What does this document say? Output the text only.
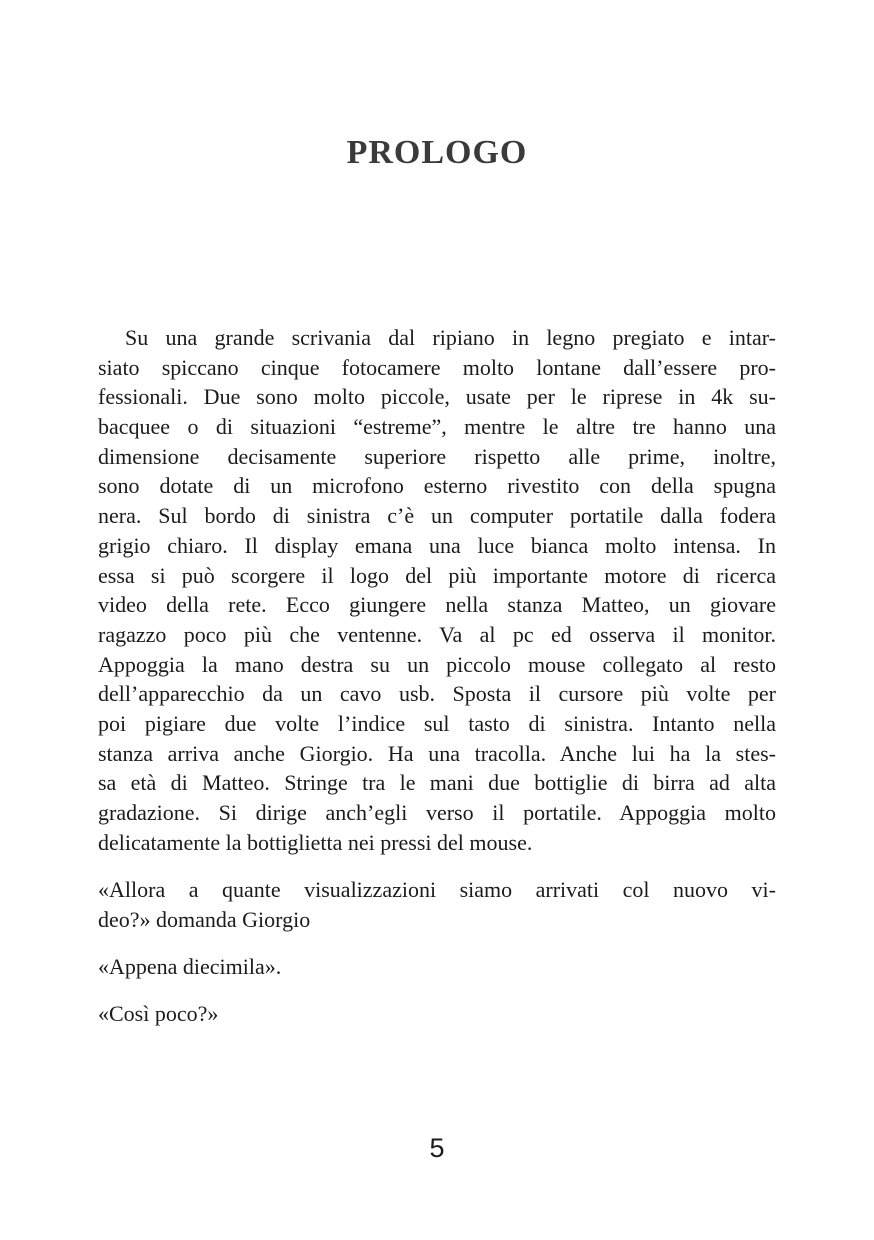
PROLOGO
Su una grande scrivania dal ripiano in legno pregiato e intar-
siato spiccano cinque fotocamere molto lontane dall’essere pro-
fessionali. Due sono molto piccole, usate per le riprese in 4k su-
bacquee o di situazioni “estreme”, mentre le altre tre hanno una
dimensione decisamente superiore rispetto alle prime, inoltre,
sono dotate di un microfono esterno rivestito con della spugna
nera. Sul bordo di sinistra c’è un computer portatile dalla fodera
grigio chiaro. Il display emana una luce bianca molto intensa. In
essa si può scorgere il logo del più importante motore di ricerca
video della rete. Ecco giungere nella stanza Matteo, un giovare
ragazzo poco più che ventenne. Va al pc ed osserva il monitor.
Appoggia la mano destra su un piccolo mouse collegato al resto
dell’apparecchio da un cavo usb. Sposta il cursore più volte per
poi pigiare due volte l’indice sul tasto di sinistra. Intanto nella
stanza arriva anche Giorgio. Ha una tracolla. Anche lui ha la stes-
sa età di Matteo. Stringe tra le mani due bottiglie di birra ad alta
gradazione. Si dirige anch’egli verso il portatile. Appoggia molto
delicatamente la bottiglietta nei pressi del mouse.
«Allora a quante visualizzazioni siamo arrivati col nuovo vi-
deo?» domanda Giorgio
«Appena diecimila».
«Così poco?»
5
